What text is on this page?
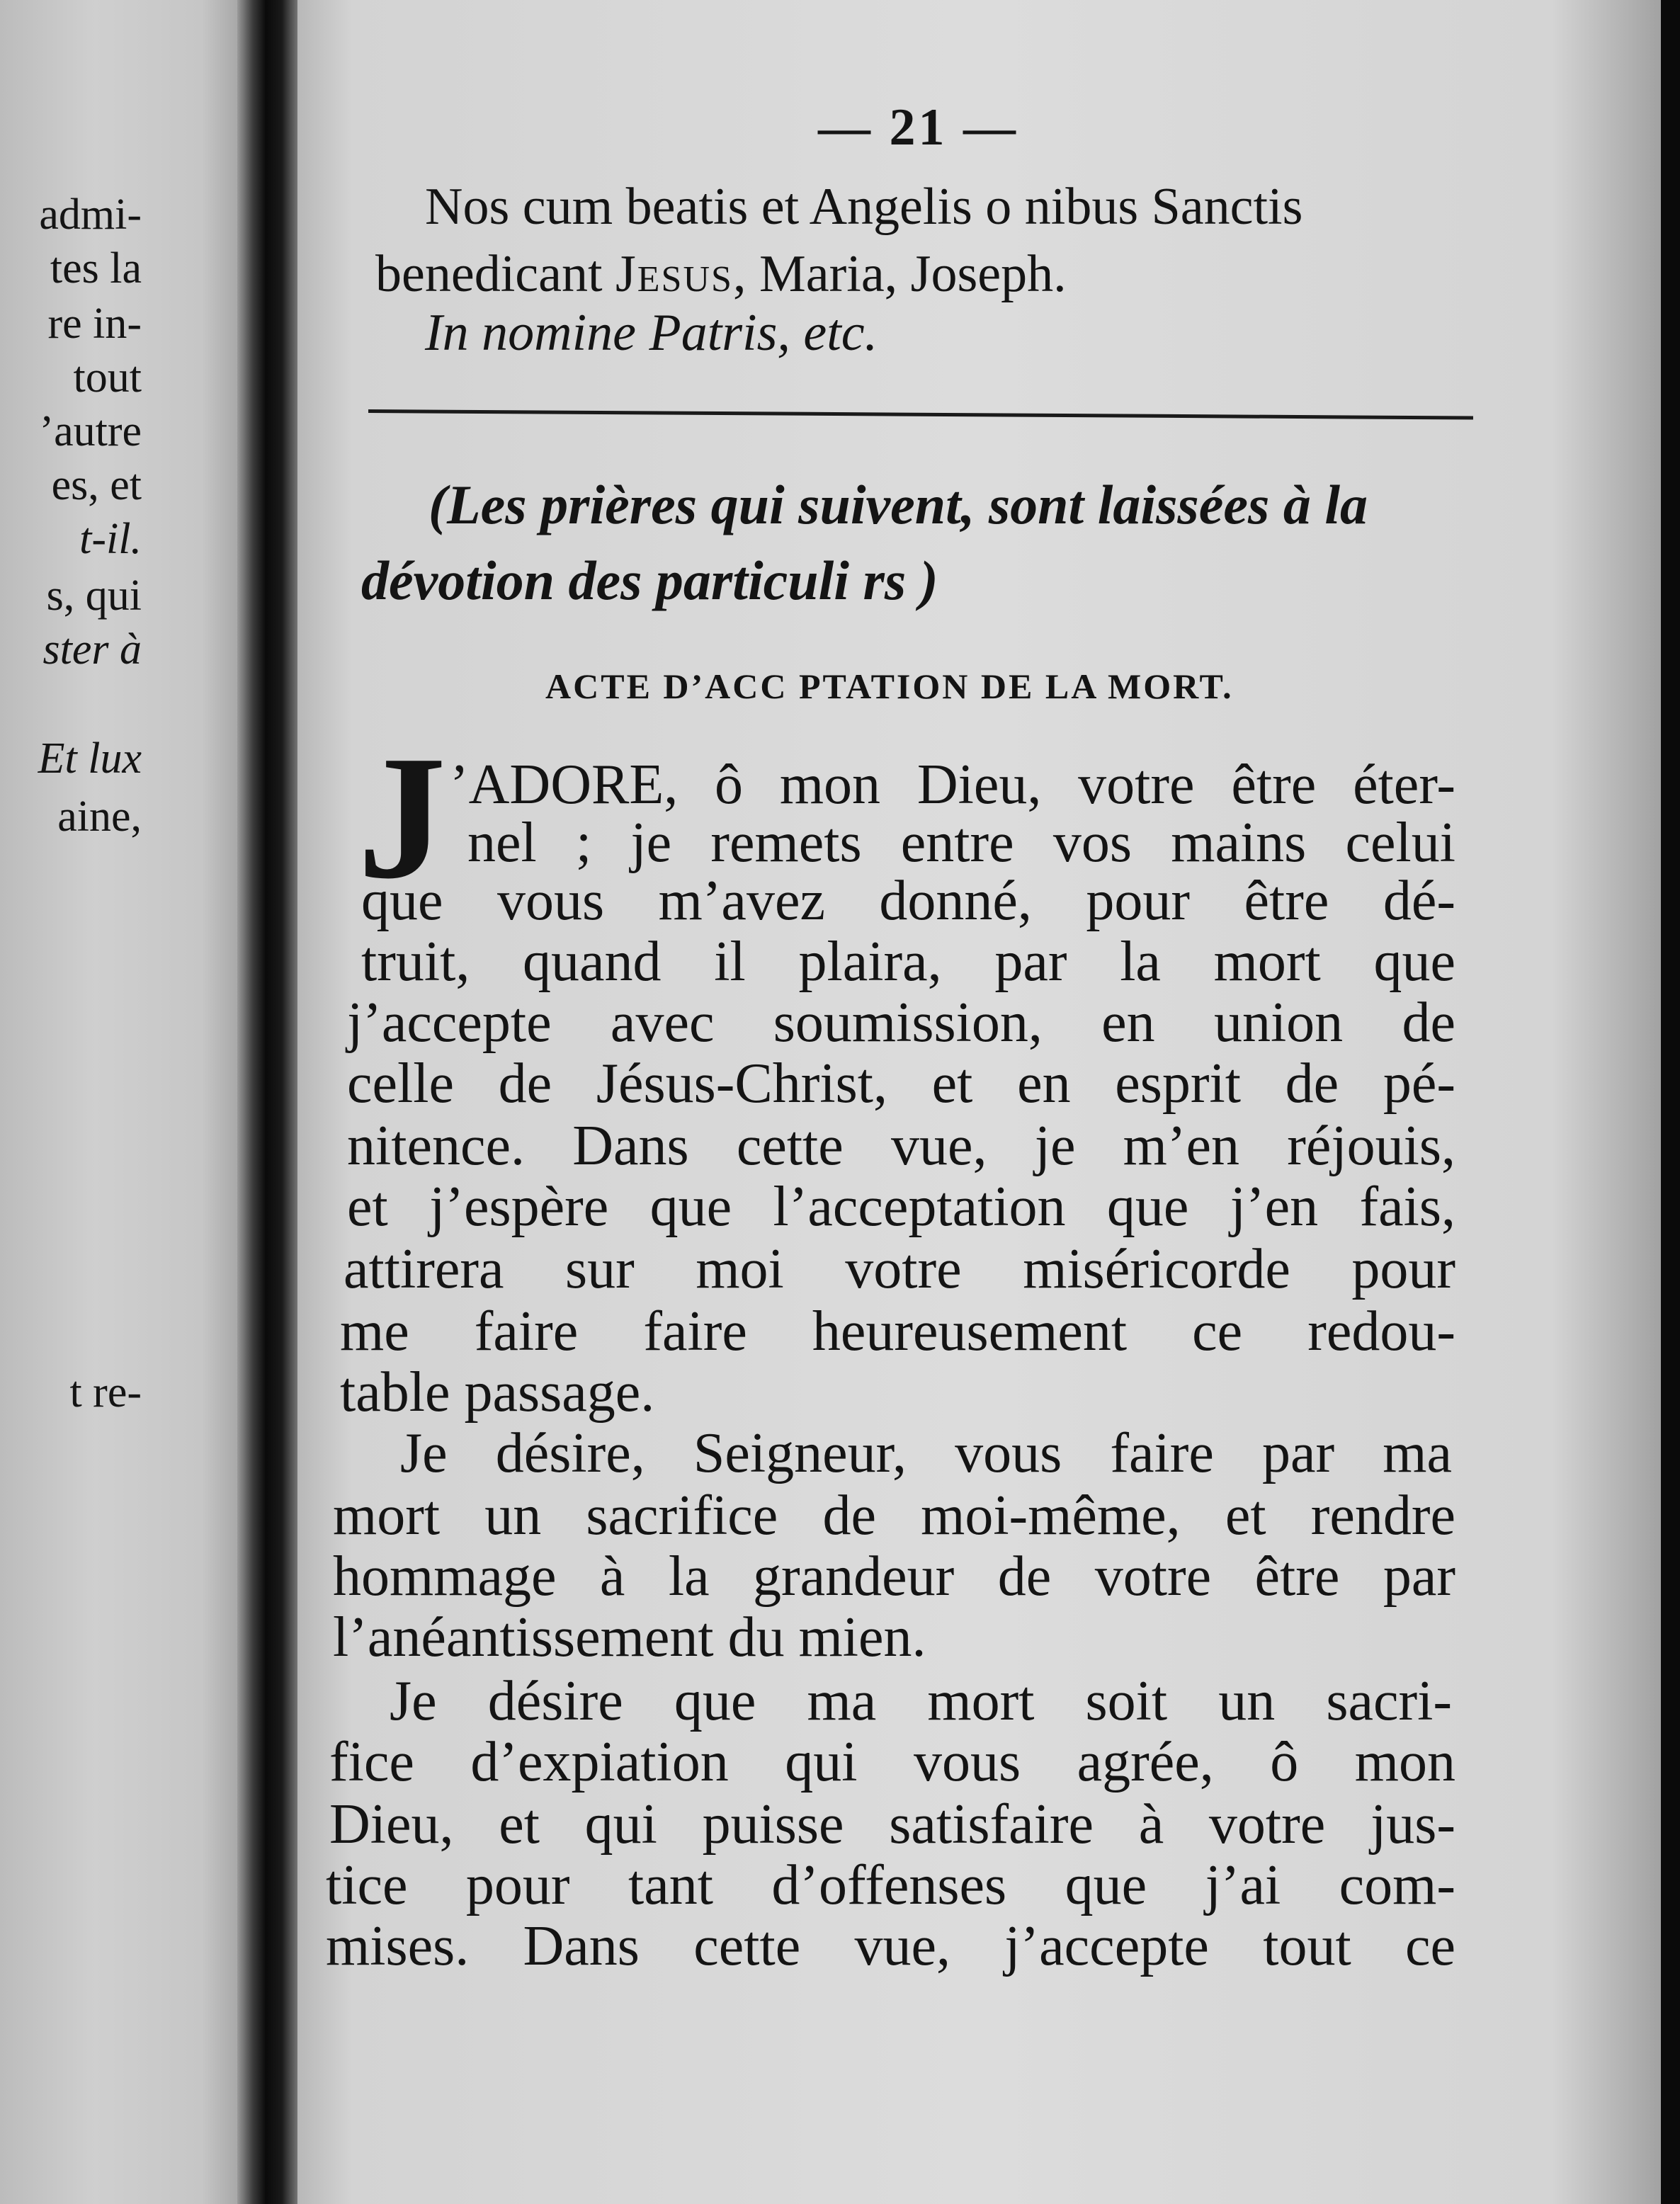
admi-
tes la
re in-
tout
’autre
es, et
t-il.
s, qui
ster à
Et lux
aine,
t re-
— 21 —
Nos cum beatis et Angelis o nibus Sanctis
benedicant Jesus, Maria, Joseph.
In nomine Patris, etc.
(Les prières qui suivent, sont laissées à la
dévotion des particuli rs )
ACTE D’ACC PTATION DE LA MORT.
J ’ADORE, ô mon Dieu, votre être éter-
nel ; je remets entre vos mains celui
que vous m’avez donné, pour être dé-
truit, quand il plaira, par la mort que
j’accepte avec soumission, en union de
celle de Jésus-Christ, et en esprit de pé-
nitence. Dans cette vue, je m’en réjouis,
et j’espère que l’acceptation que j’en fais,
attirera sur moi votre miséricorde pour
me faire faire heureusement ce redou-
table passage.
Je désire, Seigneur, vous faire par ma
mort un sacrifice de moi-même, et rendre
hommage à la grandeur de votre être par
l’anéantissement du mien.
Je désire que ma mort soit un sacri-
fice d’expiation qui vous agrée, ô mon
Dieu, et qui puisse satisfaire à votre jus-
tice pour tant d’offenses que j’ai com-
mises. Dans cette vue, j’accepte tout ce
